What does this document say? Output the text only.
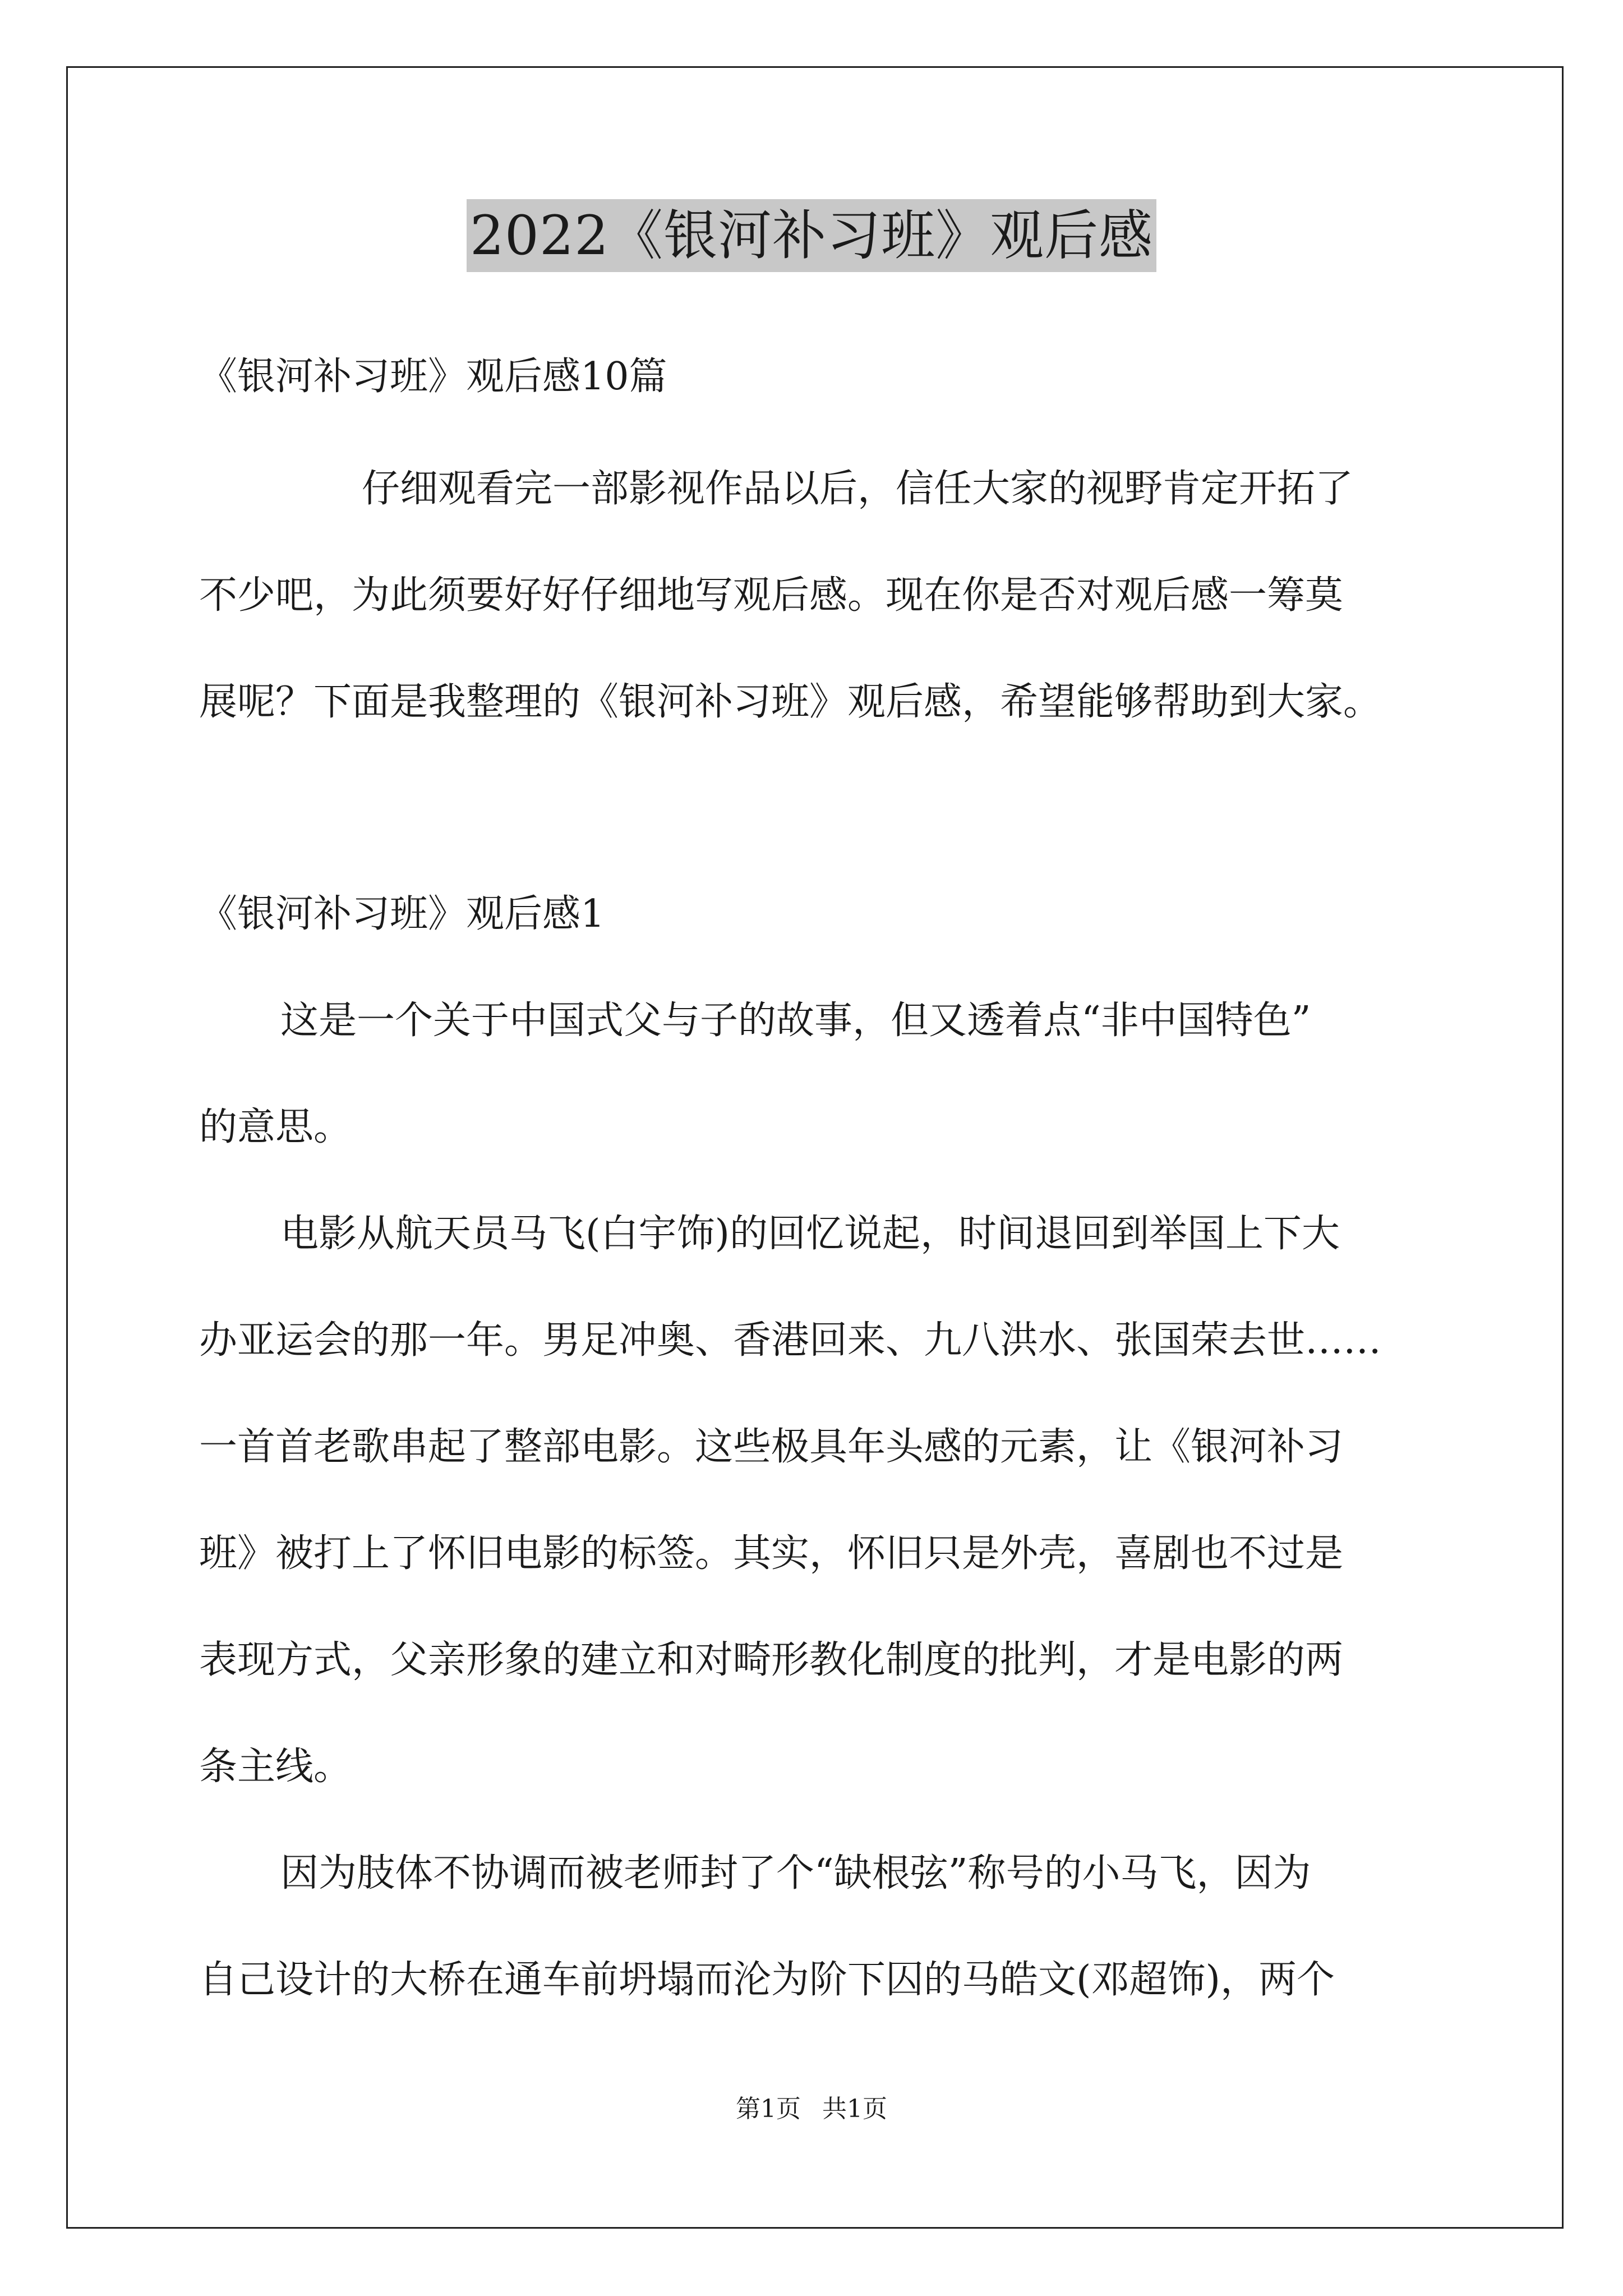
2022《银河补习班》观后感
《银河补习班》观后感10篇
仔细观看完一部影视作品以后，信任大家的视野肯定开拓了
不少吧，为此须要好好仔细地写观后感。现在你是否对观后感一筹莫
展呢？下面是我整理的《银河补习班》观后感，希望能够帮助到大家。
《银河补习班》观后感1
这是一个关于中国式父与子的故事，但又透着点“非中国特色”
的意思。
电影从航天员马飞(白宇饰)的回忆说起，时间退回到举国上下大
办亚运会的那一年。男足冲奥、香港回来、九八洪水、张国荣去世……
一首首老歌串起了整部电影。这些极具年头感的元素，让《银河补习
班》被打上了怀旧电影的标签。其实，怀旧只是外壳，喜剧也不过是
表现方式，父亲形象的建立和对畸形教化制度的批判，才是电影的两
条主线。
因为肢体不协调而被老师封了个“缺根弦”称号的小马飞，因为
自己设计的大桥在通车前坍塌而沦为阶下囚的马皓文(邓超饰)，两个
第1页 共1页
